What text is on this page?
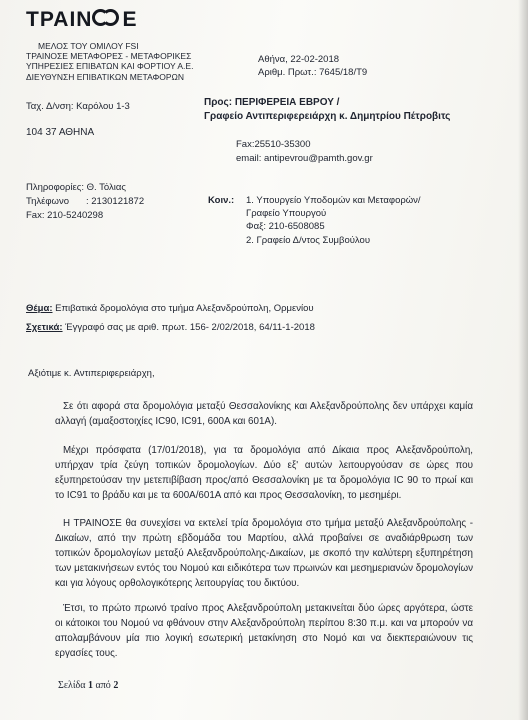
ΤΡΑΙΝ Ε
ΜΕΛΟΣ ΤΟΥ ΟΜΙΛΟΥ FSI
ΤΡΑΙΝΟΣΕ ΜΕΤΑΦΟΡΕΣ - ΜΕΤΑΦΟΡΙΚΕΣ
ΥΠΗΡΕΣΙΕΣ ΕΠΙΒΑΤΩΝ ΚΑΙ ΦΟΡΤΙΟΥ Α.Ε.
ΔΙΕΥΘΥΝΣΗ ΕΠΙΒΑΤΙΚΩΝ ΜΕΤΑΦΟΡΩΝ
Αθήνα, 22-02-2018
Αριθμ. Πρωτ.: 7645/18/Τ9
Ταχ. Δ/νση: Καρόλου 1-3
104 37 ΑΘΗΝΑ
Προς: ΠΕΡΙΦΕΡΕΙΑ ΕΒΡΟΥ /
Γραφείο Αντιπεριφερειάρχη κ. Δημητρίου Πέτροβιτς
Fax:25510-35300
email: antipevrou@pamth.gov.gr
Πληροφορίες: Θ. Τόλιας
Τηλέφωνο : 2130121872
Fax: 210-5240298
Κοιν.: 1. Υπουργείο Υποδομών και Μεταφορών/
Γραφείο Υπουργού
Φαξ: 210-6508085
2. Γραφείο Δ/ντος Συμβούλου
Θέμα: Επιβατικά δρομολόγια στο τμήμα Αλεξανδρούπολη, Ορμενίου
Σχετικά: Έγγραφό σας με αριθ. πρωτ. 156- 2/02/2018, 64/11-1-2018
Αξιότιμε κ. Αντιπεριφερειάρχη,
Σε ότι αφορά στα δρομολόγια μεταξύ Θεσσαλονίκης και Αλεξανδρούπολης δεν υπάρχει καμία αλλαγή (αμαξοστοιχίες IC90, IC91, 600Α και 601Α).
Μέχρι πρόσφατα (17/01/2018), για τα δρομολόγια από Δίκαια προς Αλεξανδρούπολη, υπήρχαν τρία ζεύγη τοπικών δρομολογίων. Δύο εξ' αυτών λειτουργούσαν σε ώρες που εξυπηρετούσαν την μετεπιβίβαση προς/από Θεσσαλονίκη με τα δρομολόγια IC 90 το πρωί και το IC91 το βράδυ και με τα 600Α/601Α από και προς Θεσσαλονίκη, το μεσημέρι.
Η ΤΡΑΙΝΟΣΕ θα συνεχίσει να εκτελεί τρία δρομολόγια στο τμήμα μεταξύ Αλεξανδρούπολης - Δικαίων, από την πρώτη εβδομάδα του Μαρτίου, αλλά προβαίνει σε αναδιάρθρωση των τοπικών δρομολογίων μεταξύ Αλεξανδρούπολης-Δικαίων, με σκοπό την καλύτερη εξυπηρέτηση των μετακινήσεων εντός του Νομού και ειδικότερα των πρωινών και μεσημεριανών δρομολογίων και για λόγους ορθολογικότερης λειτουργίας του δικτύου.
Έτσι, το πρώτο πρωινό τραίνο προς Αλεξανδρούπολη μετακινείται δύο ώρες αργότερα, ώστε οι κάτοικοι του Νομού να φθάνουν στην Αλεξανδρούπολη περίπου 8:30 π.μ. και να μπορούν να απολαμβάνουν μία πιο λογική εσωτερική μετακίνηση στο Νομό και να διεκπεραιώνουν τις εργασίες τους.
Σελίδα 1 από 2
